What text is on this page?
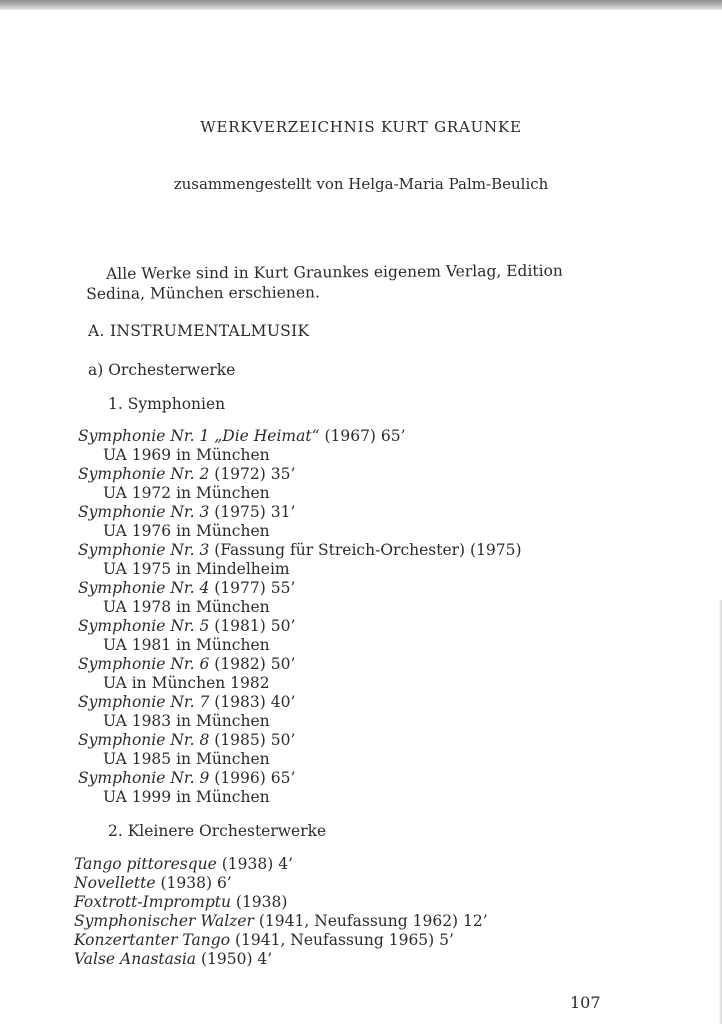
WERKVERZEICHNIS KURT GRAUNKE
zusammengestellt von Helga-Maria Palm-Beulich

Alle Werke sind in Kurt Graunkes eigenem Verlag, Edition Sedina, München erschienen.

A. INSTRUMENTALMUSIK
a) Orchesterwerke
1. Symphonien
Symphonie Nr. 1 „Die Heimat“ (1967) 65’
UA 1969 in München
Symphonie Nr. 2 (1972) 35’
UA 1972 in München
Symphonie Nr. 3 (1975) 31’
UA 1976 in München
Symphonie Nr. 3 (Fassung für Streich-Orchester) (1975)
UA 1975 in Mindelheim
Symphonie Nr. 4 (1977) 55’
UA 1978 in München
Symphonie Nr. 5 (1981) 50’
UA 1981 in München
Symphonie Nr. 6 (1982) 50’
UA in München 1982
Symphonie Nr. 7 (1983) 40’
UA 1983 in München
Symphonie Nr. 8 (1985) 50’
UA 1985 in München
Symphonie Nr. 9 (1996) 65’
UA 1999 in München
2. Kleinere Orchesterwerke
Tango pittoresque (1938) 4’
Novellette (1938) 6’
Foxtrott-Impromptu (1938)
Symphonischer Walzer (1941, Neufassung 1962) 12’
Konzertanter Tango (1941, Neufassung 1965) 5’
Valse Anastasia (1950) 4’
107
